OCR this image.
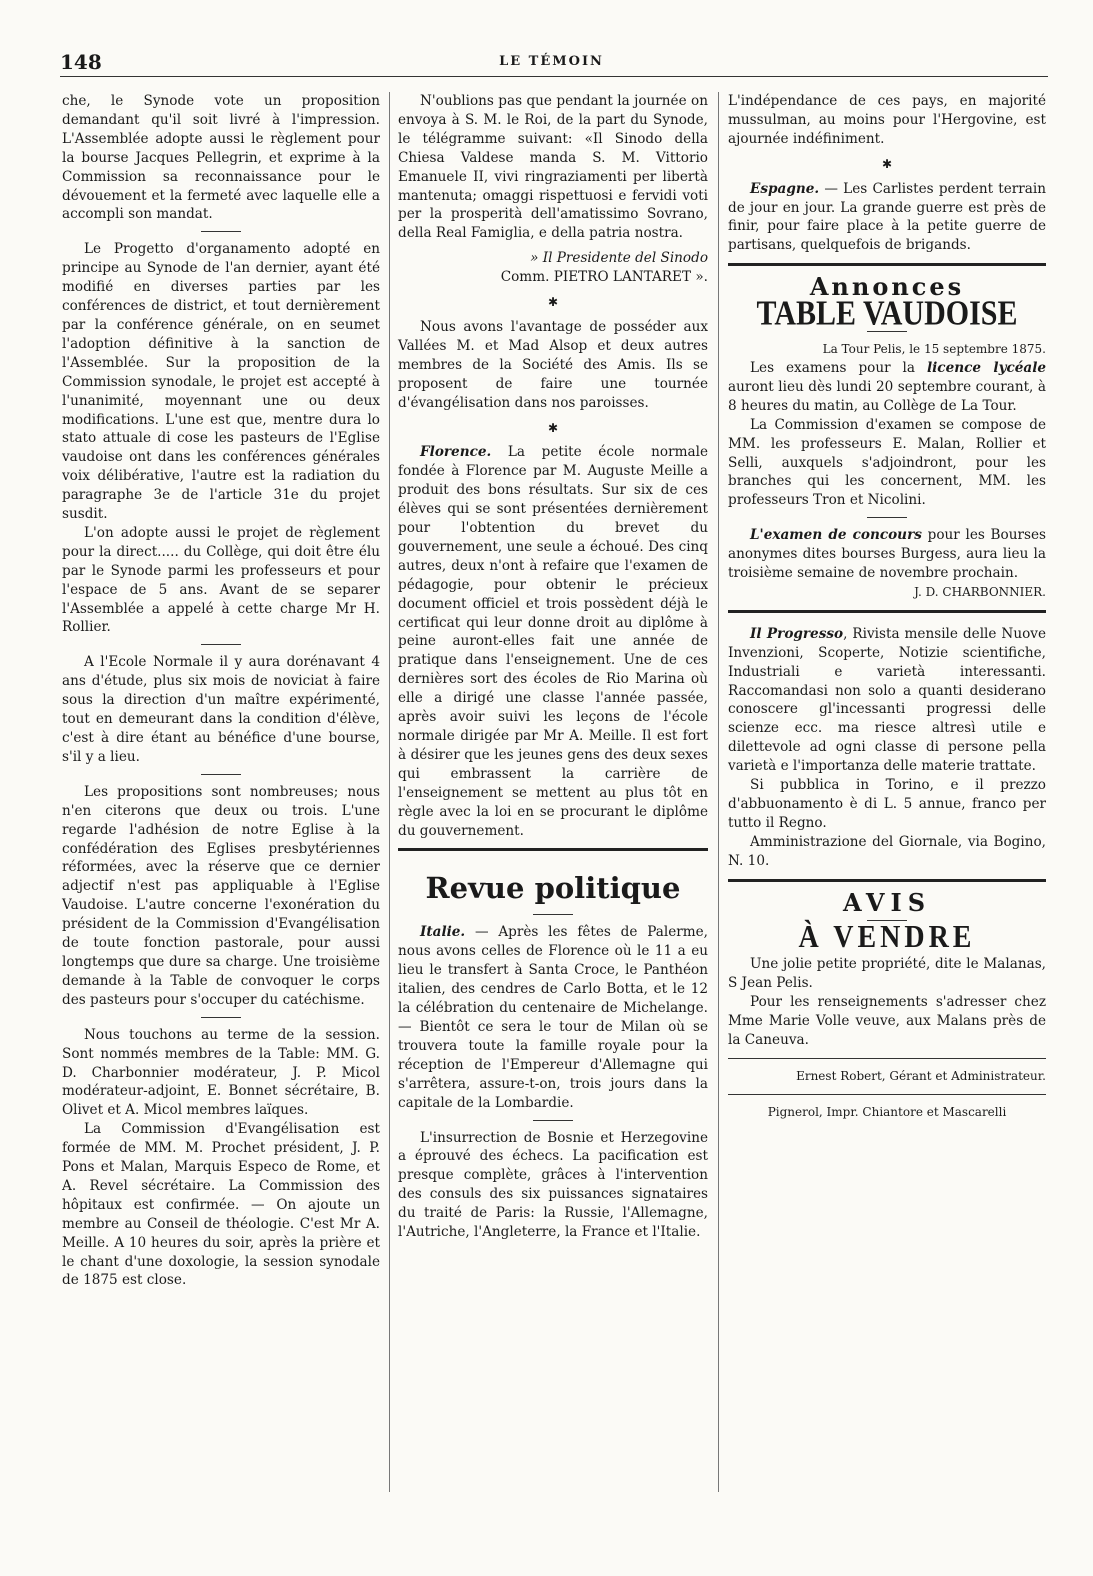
148	LE TÉMOIN

che, le Synode vote un proposition demandant qu'il soit livré à l'impression. L'Assemblée adopte aussi le règlement pour la bourse Jacques Pellegrin, et exprime à la Commission sa reconnaissance pour le dévouement et la fermeté avec laquelle elle a accompli son mandat.

Le Progetto d'organamento adopté en principe au Synode de l'an dernier, ayant été modifié en diverses parties par les conférences de district, et tout dernièrement par la conférence générale, on en seumet l'adoption définitive à la sanction de l'Assemblée. Sur la proposition de la Commission synodale, le projet est accepté à l'unanimité, moyennant une ou deux modifications. L'une est que, mentre dura lo stato attuale di cose les pasteurs de l'Eglise vaudoise ont dans les conférences générales voix délibérative, l'autre est la radiation du paragraphe 3e de l'article 31e du projet susdit.

L'on adopte aussi le projet de règlement pour la direct..... du Collège, qui doit être élu par le Synode parmi les professeurs et pour l'espace de 5 ans. Avant de se separer l'Assemblée a appelé à cette charge Mr H. Rollier.

A l'Ecole Normale il y aura dorénavant 4 ans d'étude, plus six mois de noviciat à faire sous la direction d'un maître expérimenté, tout en demeurant dans la condition d'élève, c'est à dire étant au bénéfice d'une bourse, s'il y a lieu.

Les propositions sont nombreuses; nous n'en citerons que deux ou trois. L'une regarde l'adhésion de notre Eglise à la confédération des Eglises presbytériennes réformées, avec la réserve que ce dernier adjectif n'est pas appliquable à l'Eglise Vaudoise. L'autre concerne l'exonération du président de la Commission d'Evangélisation de toute fonction pastorale, pour aussi longtemps que dure sa charge. Une troisième demande à la Table de convoquer le corps des pasteurs pour s'occuper du catéchisme.

Nous touchons au terme de la session. Sont nommés membres de la Table: MM. G. D. Charbonnier modérateur, J. P. Micol modérateur-adjoint, E. Bonnet sécrétaire, B. Olivet et A. Micol membres laïques.

La Commission d'Evangélisation est formée de MM. M. Prochet président, J. P. Pons et Malan, Marquis Especo de Rome, et A. Revel sécrétaire. La Commission des hôpitaux est confirmée. — On ajoute un membre au Conseil de théologie. C'est Mr A. Meille. A 10 heures du soir, après la prière et le chant d'une doxologie, la session synodale de 1875 est close.

N'oublions pas que pendant la journée on envoya à S. M. le Roi, de la part du Synode, le télégramme suivant: «Il Sinodo della Chiesa Valdese manda S. M. Vittorio Emanuele II, vivi ringraziamenti per libertà mantenuta; omaggi rispettuosi e fervidi voti per la prosperità dell'amatissimo Sovrano, della Real Famiglia, e della patria nostra.

» Il Presidente del Sinodo
Comm. PIETRO LANTARET ».
✱

Nous avons l'avantage de posséder aux Vallées M. et Mad Alsop et deux autres membres de la Société des Amis. Ils se proposent de faire une tournée d'évangélisation dans nos paroisses.

✱

Florence. La petite école normale fondée à Florence par M. Auguste Meille a produit des bons résultats. Sur six de ces élèves qui se sont présentées dernièrement pour l'obtention du brevet du gouvernement, une seule a échoué. Des cinq autres, deux n'ont à refaire que l'examen de pédagogie, pour obtenir le précieux document officiel et trois possèdent déjà le certificat qui leur donne droit au diplôme à peine auront-elles fait une année de pratique dans l'enseignement. Une de ces dernières sort des écoles de Rio Marina où elle a dirigé une classe l'année passée, après avoir suivi les leçons de l'école normale dirigée par Mr A. Meille. Il est fort à désirer que les jeunes gens des deux sexes qui embrassent la carrière de l'enseignement se mettent au plus tôt en règle avec la loi en se procurant le diplôme du gouvernement.

Revue politique

Italie. — Après les fêtes de Palerme, nous avons celles de Florence où le 11 a eu lieu le transfert à Santa Croce, le Panthéon italien, des cendres de Carlo Botta, et le 12 la célébration du centenaire de Michelange. — Bientôt ce sera le tour de Milan où se trouvera toute la famille royale pour la réception de l'Empereur d'Allemagne qui s'arrêtera, assure-t-on, trois jours dans la capitale de la Lombardie.

L'insurrection de Bosnie et Herzegovine a éprouvé des échecs. La pacification est presque complète, grâces à l'intervention des consuls des six puissances signataires du traité de Paris: la Russie, l'Allemagne, l'Autriche, l'Angleterre, la France et l'Italie.

L'indépendance de ces pays, en majorité mussulman, au moins pour l'Hergovine, est ajournée indéfiniment.

✱

Espagne. — Les Carlistes perdent terrain de jour en jour. La grande guerre est près de finir, pour faire place à la petite guerre de partisans, quelquefois de brigands.

Annonces
TABLE VAUDOISE
La Tour Pelis, le 15 septembre 1875.

Les examens pour la licence lycéale auront lieu dès lundi 20 septembre courant, à 8 heures du matin, au Collège de La Tour.

La Commission d'examen se compose de MM. les professeurs E. Malan, Rollier et Selli, auxquels s'adjoindront, pour les branches qui les concernent, MM. les professeurs Tron et Nicolini.

L'examen de concours pour les Bourses anonymes dites bourses Burgess, aura lieu la troisième semaine de novembre prochain.

J. D. CHARBONNIER.

Il Progresso, Rivista mensile delle Nuove Invenzioni, Scoperte, Notizie scientifiche, Industriali e varietà interessanti. Raccomandasi non solo a quanti desiderano conoscere gl'incessanti progressi delle scienze ecc. ma riesce altresì utile e dilettevole ad ogni classe di persone pella varietà e l'importanza delle materie trattate.

Si pubblica in Torino, e il prezzo d'abbuonamento è di L. 5 annue, franco per tutto il Regno.

Amministrazione del Giornale, via Bogino, N. 10.

AVIS
À VENDRE

Une jolie petite propriété, dite le Malanas, S Jean Pelis.

Pour les renseignements s'adresser chez Mme Marie Volle veuve, aux Malans près de la Caneuva.

Ernest Robert, Gérant et Administrateur.
Pignerol, Impr. Chiantore et Mascarelli
